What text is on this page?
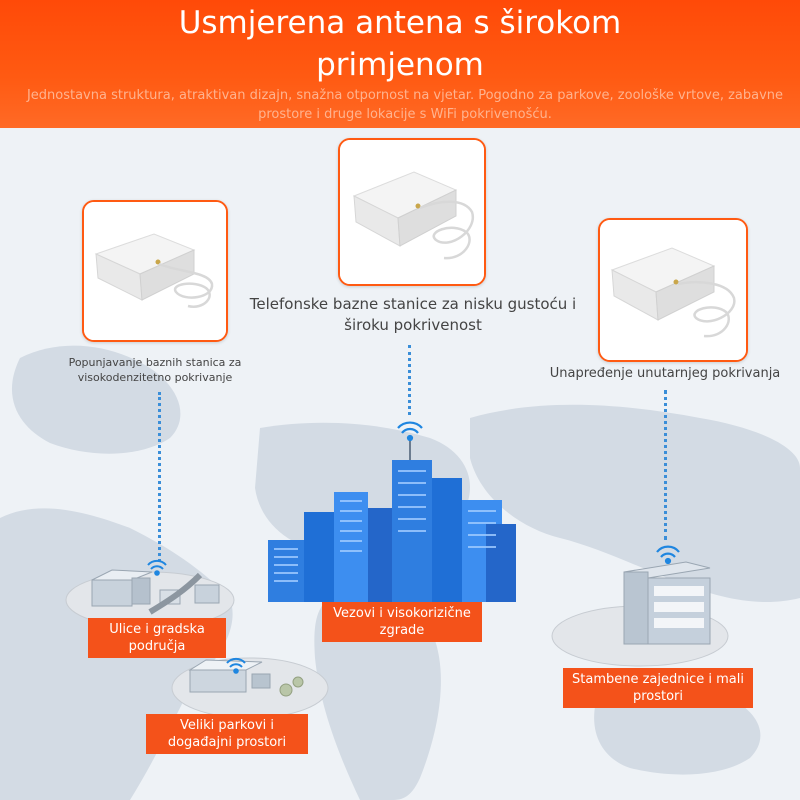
Usmjerena antena s širokom
primjenom
Jednostavna struktura, atraktivan dizajn, snažna otpornost na vjetar. Pogodno za parkove, zoološke vrtove, zabavne prostore i druge lokacije s WiFi pokrivenošću.
Popunjavanje baznih stanica za visokodenzitetno pokrivanje
Telefonske bazne stanice za nisku gustoću i široku pokrivenost
Unapređenje unutarnjeg pokrivanja
Ulice i gradska područja
Vezovi i visokorizične zgrade
Veliki parkovi i događajni prostori
Stambene zajednice i mali prostori
